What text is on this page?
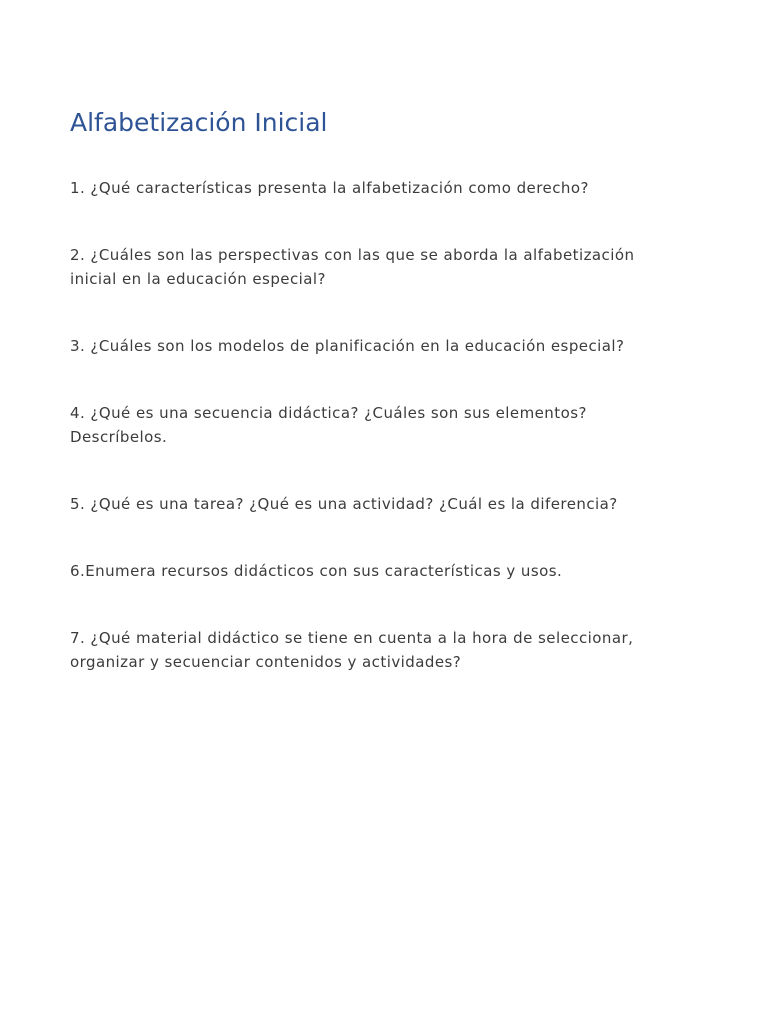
Alfabetización Inicial
1. ¿Qué características presenta la alfabetización como derecho?
2. ¿Cuáles son las perspectivas con las que se aborda la alfabetización inicial en la educación especial?
3. ¿Cuáles son los modelos de planificación en la educación especial?
4. ¿Qué es una secuencia didáctica? ¿Cuáles son sus elementos? Descríbelos.
5. ¿Qué es una tarea? ¿Qué es una actividad? ¿Cuál es la diferencia?
6.Enumera recursos didácticos con sus características y usos.
7. ¿Qué material didáctico se tiene en cuenta a la hora de seleccionar, organizar y secuenciar contenidos y actividades?
